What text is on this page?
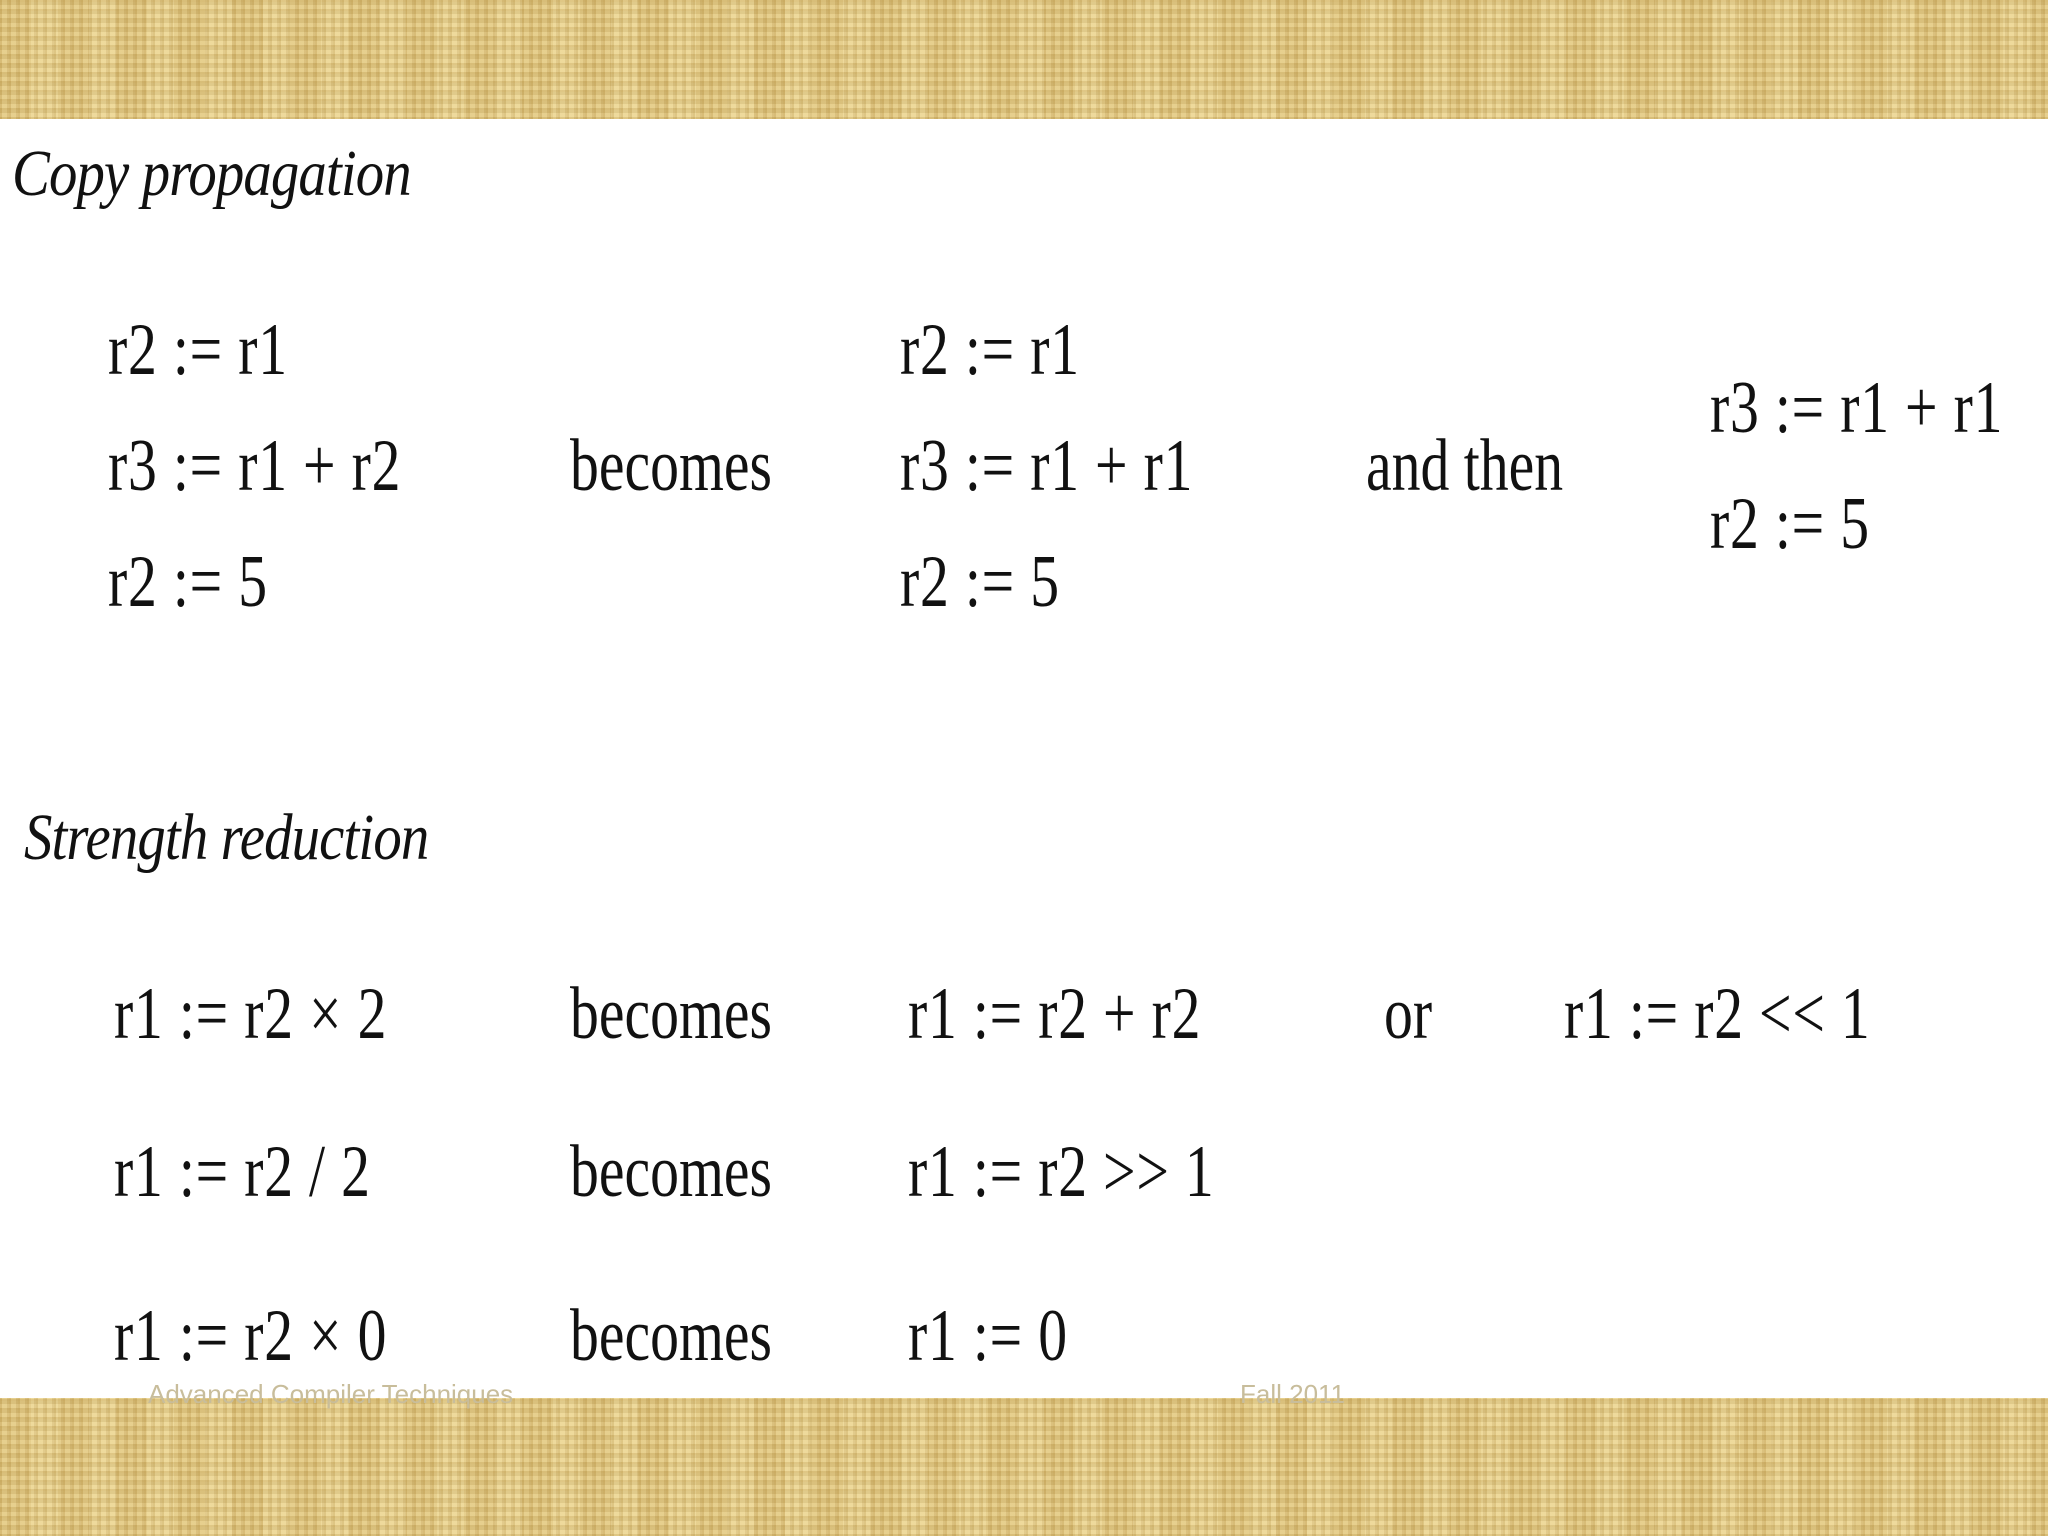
Copy propagation
r2 := r1
r3 := r1 + r2
r2 := 5
becomes
r2 := r1
r3 := r1 + r1
r2 := 5
and then
r3 := r1 + r1
r2 := 5
Strength reduction
r1 := r2 × 2 becomes r1 := r2 + r2 or r1 := r2 << 1
r1 := r2 / 2	becomes r1 := r2 >> 1
r1 := r2 × 0 becomes r1 := 0
Advanced Compiler Techniques	Fall 2011
